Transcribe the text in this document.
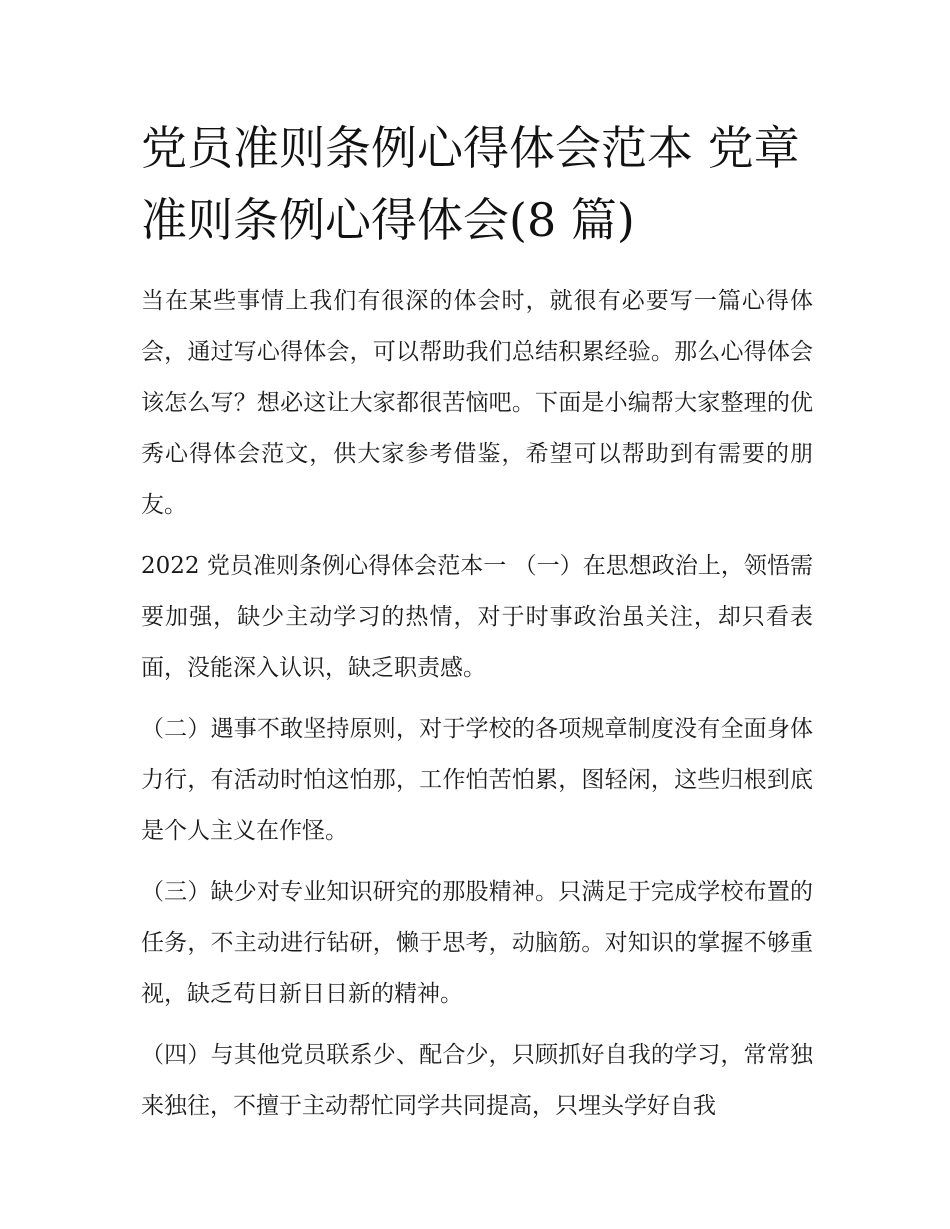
党员准则条例心得体会范本 党章准则条例心得体会(8 篇)

当在某些事情上我们有很深的体会时，就很有必要写一篇心得体会，通过写心得体会，可以帮助我们总结积累经验。那么心得体会该怎么写？想必这让大家都很苦恼吧。下面是小编帮大家整理的优秀心得体会范文，供大家参考借鉴，希望可以帮助到有需要的朋友。

2022 党员准则条例心得体会范本一 （一）在思想政治上，领悟需要加强，缺少主动学习的热情，对于时事政治虽关注，却只看表面，没能深入认识，缺乏职责感。

（二）遇事不敢坚持原则，对于学校的各项规章制度没有全面身体力行，有活动时怕这怕那，工作怕苦怕累，图轻闲，这些归根到底是个人主义在作怪。

（三）缺少对专业知识研究的那股精神。只满足于完成学校布置的任务，不主动进行钻研，懒于思考，动脑筋。对知识的掌握不够重视，缺乏苟日新日日新的精神。

（四）与其他党员联系少、配合少，只顾抓好自我的学习，常常独来独往，不擅于主动帮忙同学共同提高，只埋头学好自我
